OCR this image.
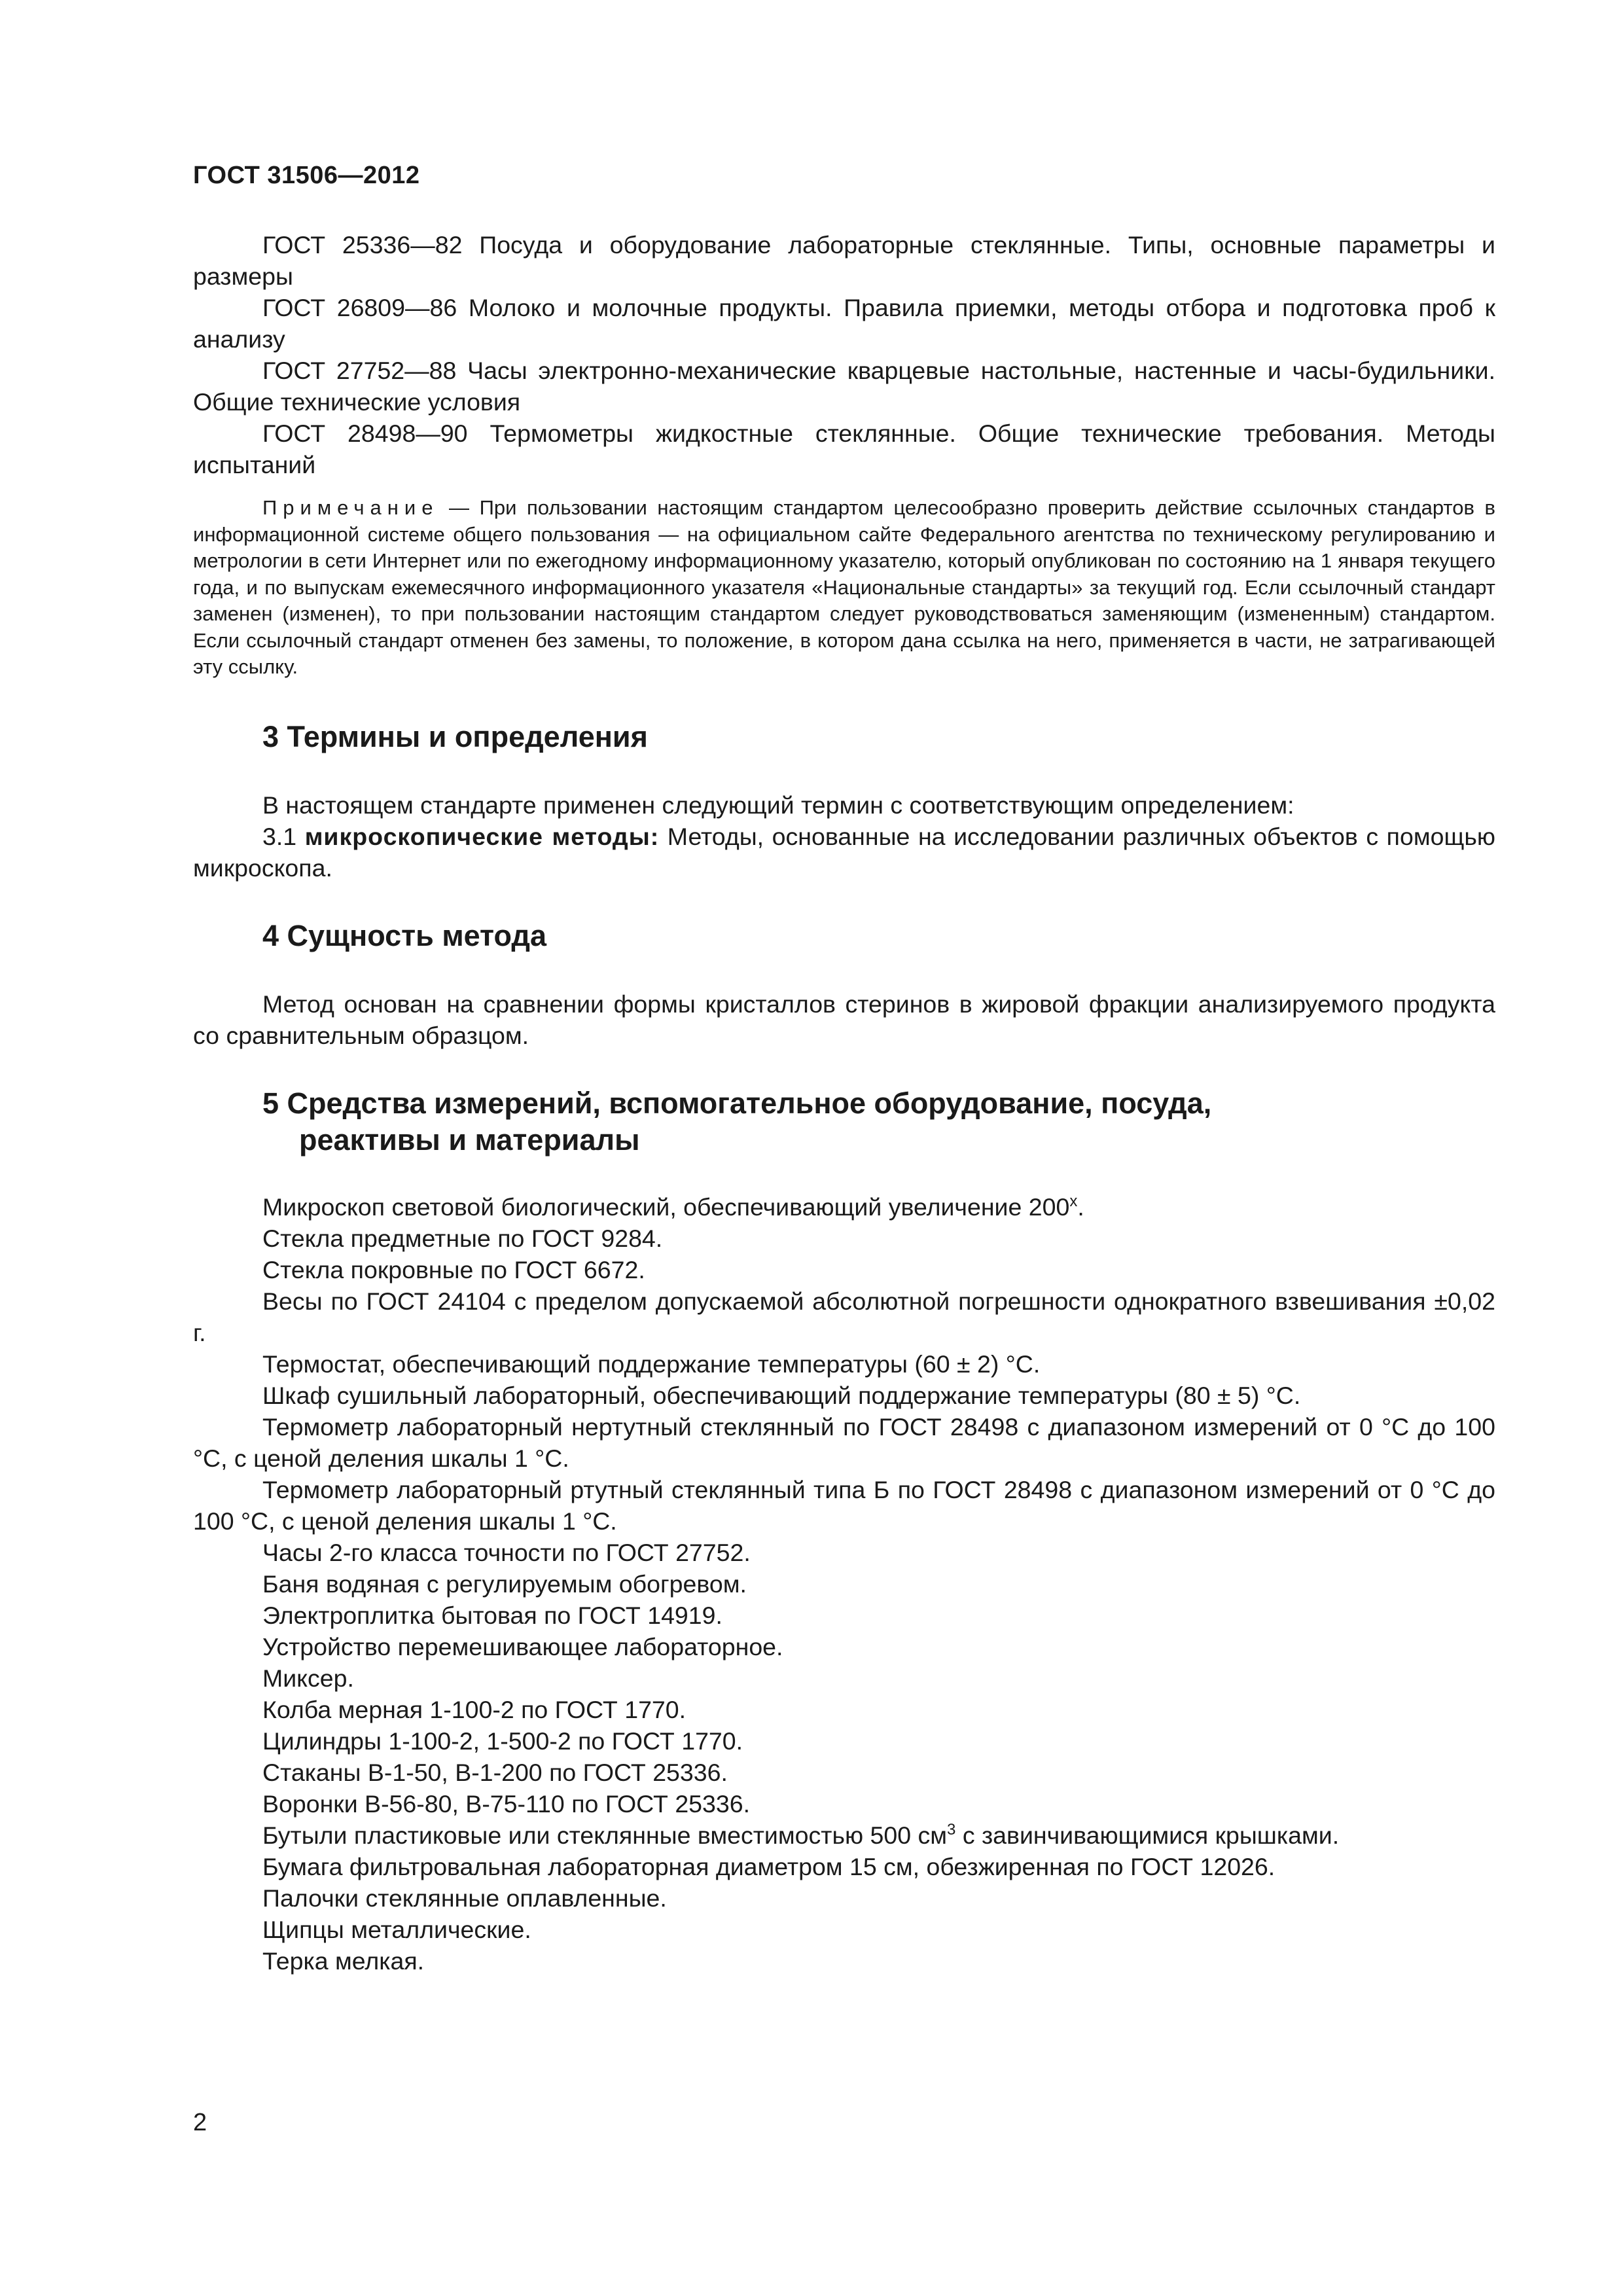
ГОСТ 31506—2012

ГОСТ 25336—82 Посуда и оборудование лабораторные стеклянные. Типы, основные параметры и размеры

ГОСТ 26809—86 Молоко и молочные продукты. Правила приемки, методы отбора и подготовка проб к анализу

ГОСТ 27752—88 Часы электронно-механические кварцевые настольные, настенные и часы-будильники. Общие технические условия

ГОСТ 28498—90 Термометры жидкостные стеклянные. Общие технические требования. Методы испытаний

Примечание — При пользовании настоящим стандартом целесообразно проверить действие ссылочных стандартов в информационной системе общего пользования — на официальном сайте Федерального агентства по техническому регулированию и метрологии в сети Интернет или по ежегодному информационному указателю, который опубликован по состоянию на 1 января текущего года, и по выпускам ежемесячного информационного указателя «Национальные стандарты» за текущий год. Если ссылочный стандарт заменен (изменен), то при пользовании настоящим стандартом следует руководствоваться заменяющим (измененным) стандартом. Если ссылочный стандарт отменен без замены, то положение, в котором дана ссылка на него, применяется в части, не затрагивающей эту ссылку.
3 Термины и определения

В настоящем стандарте применен следующий термин с соответствующим определением:

3.1 микроскопические методы: Методы, основанные на исследовании различных объектов с помощью микроскопа.

4 Сущность метода

Метод основан на сравнении формы кристаллов стеринов в жировой фракции анализируемого продукта со сравнительным образцом.

5 Средства измерений, вспомогательное оборудование, посуда,
реактивы и материалы

Микроскоп световой биологический, обеспечивающий увеличение 200$^x$.

Стекла предметные по ГОСТ 9284.

Стекла покровные по ГОСТ 6672.

Весы по ГОСТ 24104 с пределом допускаемой абсолютной погрешности однократного взвешивания ±0,02 г.

Термостат, обеспечивающий поддержание температуры (60 ± 2) °C.

Шкаф сушильный лабораторный, обеспечивающий поддержание температуры (80 ± 5) °C.

Термометр лабораторный нертутный стеклянный по ГОСТ 28498 с диапазоном измерений от 0 °C до 100 °C, с ценой деления шкалы 1 °C.

Термометр лабораторный ртутный стеклянный типа Б по ГОСТ 28498 с диапазоном измерений от 0 °C до 100 °C, с ценой деления шкалы 1 °C.

Часы 2-го класса точности по ГОСТ 27752.

Баня водяная с регулируемым обогревом.

Электроплитка бытовая по ГОСТ 14919.

Устройство перемешивающее лабораторное.

Миксер.

Колба мерная 1-100-2 по ГОСТ 1770.

Цилиндры 1-100-2, 1-500-2 по ГОСТ 1770.

Стаканы В-1-50, В-1-200 по ГОСТ 25336.

Воронки В-56-80, В-75-110 по ГОСТ 25336.

Бутыли пластиковые или стеклянные вместимостью 500 $см^3$ с завинчивающимися крышками.

Бумага фильтровальная лабораторная диаметром 15 см, обезжиренная по ГОСТ 12026.

Палочки стеклянные оплавленные.

Щипцы металлические.

Терка мелкая.

2
